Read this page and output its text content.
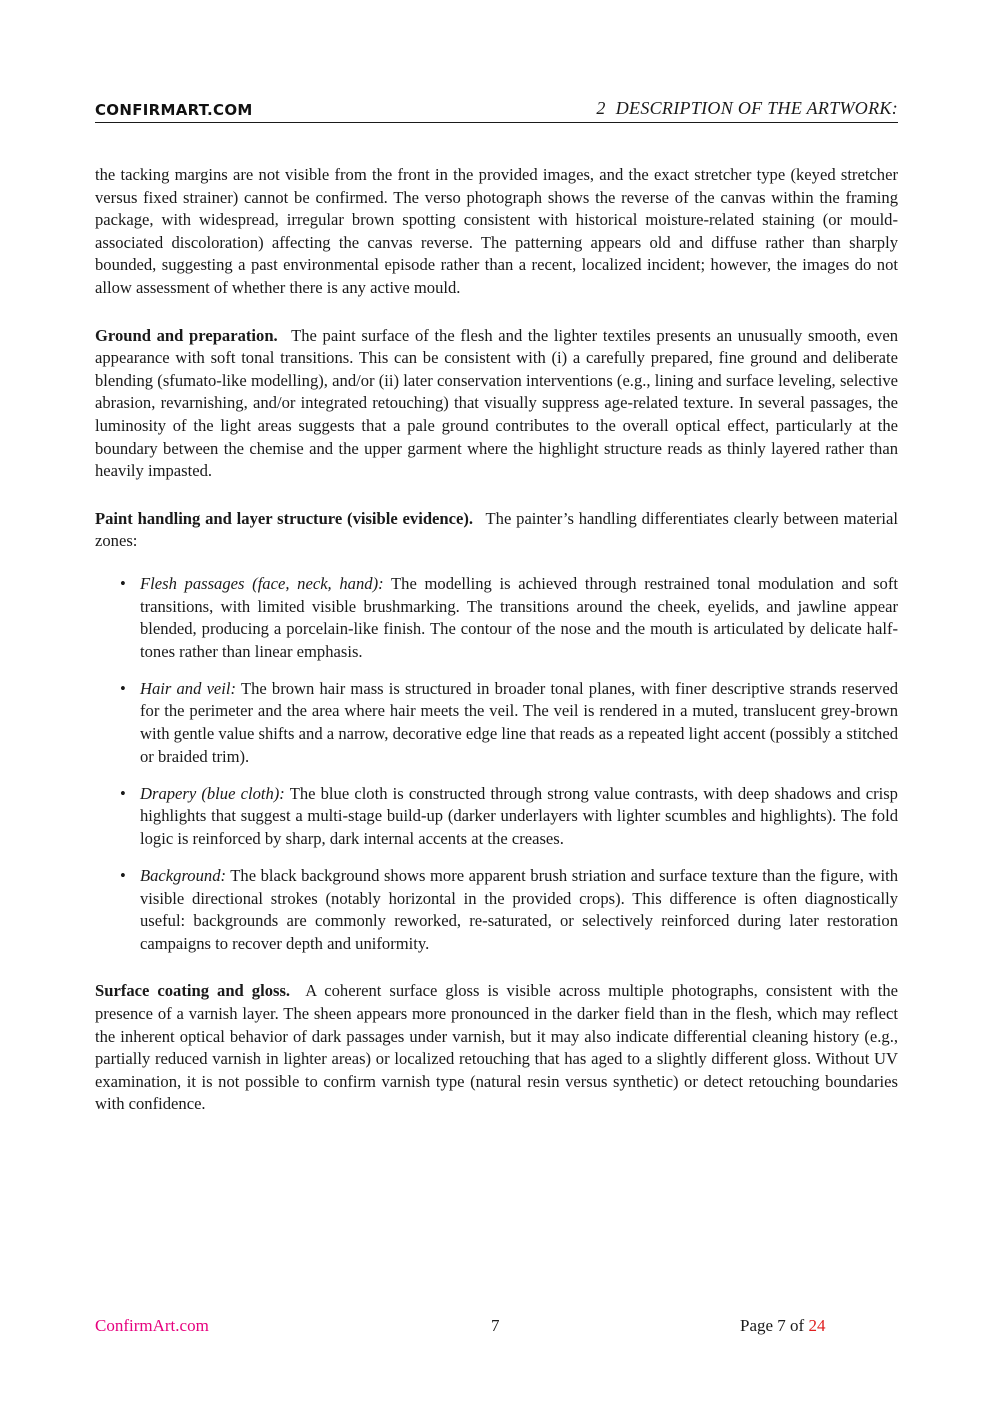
CONFIRMART.COM	2 DESCRIPTION OF THE ARTWORK:

the tacking margins are not visible from the front in the provided images, and the exact stretcher type (keyed stretcher versus fixed strainer) cannot be confirmed. The verso photograph shows the reverse of the canvas within the framing package, with widespread, irregular brown spotting consistent with historical moisture-related staining (or mould-associated discoloration) affecting the canvas reverse. The patterning appears old and diffuse rather than sharply bounded, suggesting a past environmental episode rather than a recent, localized incident; however, the images do not allow assessment of whether there is any active mould.

Ground and preparation. The paint surface of the flesh and the lighter textiles presents an unusually smooth, even appearance with soft tonal transitions. This can be consistent with (i) a carefully prepared, fine ground and deliberate blending (sfumato-like modelling), and/or (ii) later conservation interventions (e.g., lining and surface leveling, selective abrasion, revarnishing, and/or integrated retouching) that visually suppress age-related texture. In several passages, the luminosity of the light areas suggests that a pale ground contributes to the overall optical effect, particularly at the boundary between the chemise and the upper garment where the highlight structure reads as thinly layered rather than heavily impasted.

Paint handling and layer structure (visible evidence). The painter’s handling differentiates clearly between material zones:

• Flesh passages (face, neck, hand): The modelling is achieved through restrained tonal modulation and soft transitions, with limited visible brushmarking. The transitions around the cheek, eyelids, and jawline appear blended, producing a porcelain-like finish. The contour of the nose and the mouth is articulated by delicate half-tones rather than linear emphasis.
• Hair and veil: The brown hair mass is structured in broader tonal planes, with finer descriptive strands reserved for the perimeter and the area where hair meets the veil. The veil is rendered in a muted, translucent grey-brown with gentle value shifts and a narrow, decorative edge line that reads as a repeated light accent (possibly a stitched or braided trim).
• Drapery (blue cloth): The blue cloth is constructed through strong value contrasts, with deep shadows and crisp highlights that suggest a multi-stage build-up (darker underlayers with lighter scumbles and highlights). The fold logic is reinforced by sharp, dark internal accents at the creases.
• Background: The black background shows more apparent brush striation and surface texture than the figure, with visible directional strokes (notably horizontal in the provided crops). This difference is often diagnostically useful: backgrounds are commonly reworked, re-saturated, or selectively reinforced during later restoration campaigns to recover depth and uniformity.

Surface coating and gloss. A coherent surface gloss is visible across multiple photographs, consistent with the presence of a varnish layer. The sheen appears more pronounced in the darker field than in the flesh, which may reflect the inherent optical behavior of dark passages under varnish, but it may also indicate differential cleaning history (e.g., partially reduced varnish in lighter areas) or localized retouching that has aged to a slightly different gloss. Without UV examination, it is not possible to confirm varnish type (natural resin versus synthetic) or detect retouching boundaries with confidence.

ConfirmArt.com	7	Page 7 of 24
